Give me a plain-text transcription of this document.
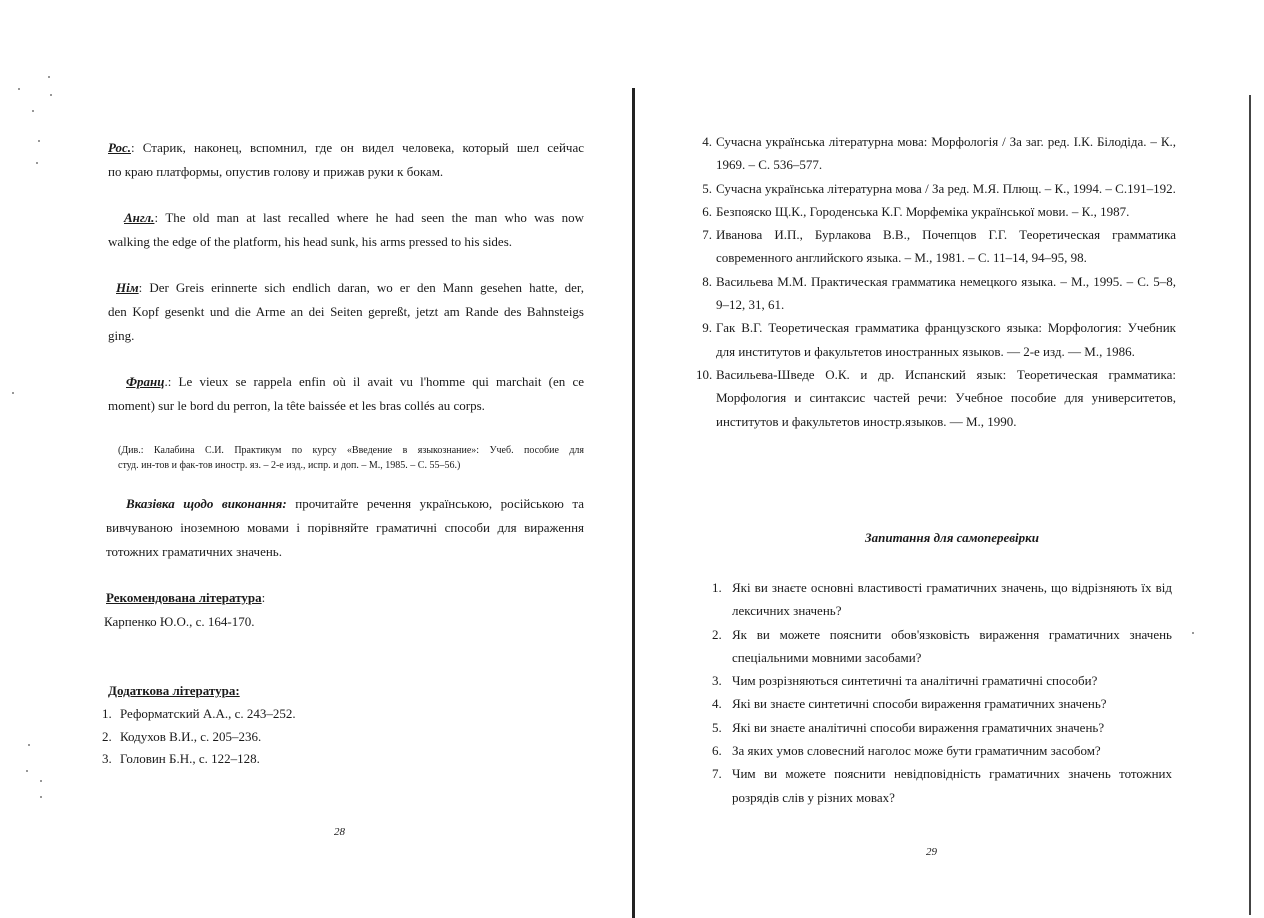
Рос.: Старик, наконец, вспомнил, где он видел человека, который шел сейчас
по краю платформы, опустив голову и прижав руки к бокам.
Англ.: The old man at last recalled where he had seen the man who was now
walking the edge of the platform, his head sunk, his arms pressed to his sides.
Нім: Der Greis erinnerte sich endlich daran, wo er den Mann gesehen hatte, der,
den Kopf gesenkt und die Arme an dei Seiten gepreßt, jetzt am Rande des Bahnsteigs
ging.
Франц.: Le vieux se rappela enfin où il avait vu l'homme qui marchait (en ce
moment) sur le bord du perron, la tête baissée et les bras collés au corps.
(Див.: Калабина С.И. Практикум по курсу «Введение в языкознание»: Учеб. пособие для
студ. ин-тов и фак-тов иностр. яз. – 2-е изд., испр. и доп. – М., 1985. – С. 55–56.)
Вказівка щодо виконання: прочитайте речення українською, російською та
вивчуваною іноземною мовами і порівняйте граматичні способи для вираження
тотожних граматичних значень.
Рекомендована література:
Карпенко Ю.О., с. 164-170.
Додаткова література:
1. Реформатский А.А., с. 243–252.
2. Кодухов В.И., с. 205–236.
3. Головин Б.Н., с. 122–128.
28
4. Сучасна українська літературна мова: Морфологія / За заг. ред. І.К. Білодіда. – К., 1969. – С. 536–577.
5. Сучасна українська літературна мова / За ред. М.Я. Плющ. – К., 1994. – С.191–192.
6. Безпояско Щ.К., Городенська К.Г. Морфеміка української мови. – К., 1987.
7. Иванова И.П., Бурлакова В.В., Почепцов Г.Г. Теоретическая грамматика современного английского языка. – М., 1981. – С. 11–14, 94–95, 98.
8. Васильева М.М. Практическая грамматика немецкого языка. – М., 1995. – С. 5–8, 9–12, 31, 61.
9. Гак В.Г. Теоретическая грамматика французского языка: Морфология: Учебник для институтов и факультетов иностранных языков. — 2-е изд. — М., 1986.
10. Васильева-Шведе О.К. и др. Испанский язык: Теоретическая грамматика: Морфология и синтаксис частей речи: Учебное пособие для университетов, институтов и факультетов иностр.языков. — М., 1990.
Запитання для самоперевірки
1. Які ви знаєте основні властивості граматичних значень, що відрізняють їх від лексичних значень?
2. Як ви можете пояснити обов'язковість вираження граматичних значень спеціальними мовними засобами?
3. Чим розрізняються синтетичні та аналітичні граматичні способи?
4. Які ви знаєте синтетичні способи вираження граматичних значень?
5. Які ви знаєте аналітичні способи вираження граматичних значень?
6. За яких умов словесний наголос може бути граматичним засобом?
7. Чим ви можете пояснити невідповідність граматичних значень тотожних розрядів слів у різних мовах?
29
